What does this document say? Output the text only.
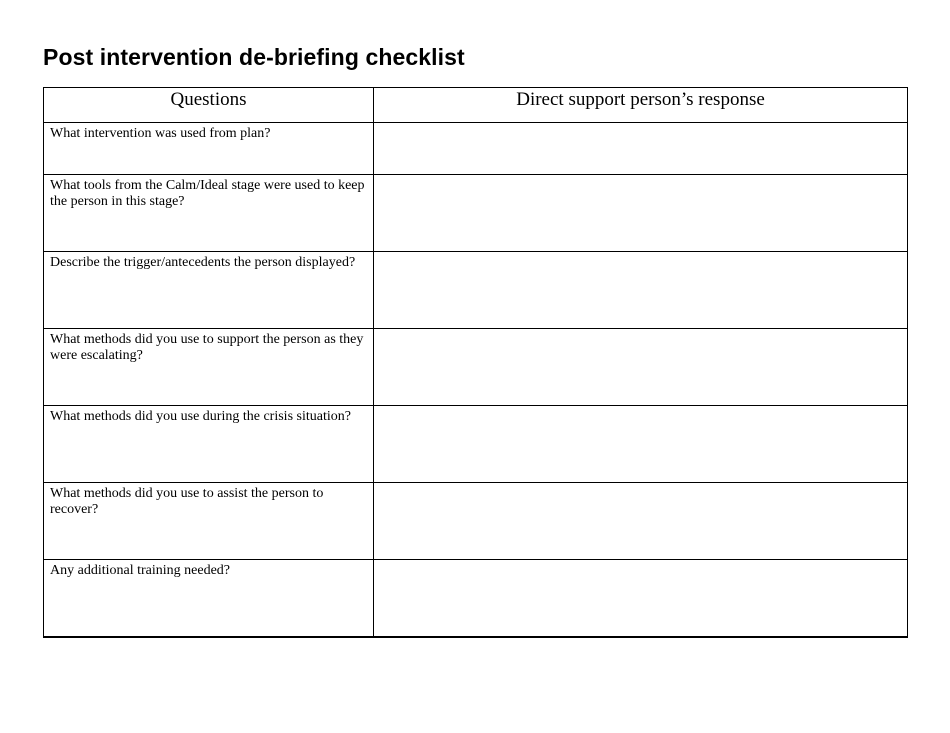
Post intervention de-briefing checklist
Questions	Direct support person’s response
What intervention was used from plan?	
What tools from the Calm/Ideal stage were used to keep the person in this stage?	
Describe the trigger/antecedents the person displayed?	
What methods did you use to support the person as they were escalating?	
What methods did you use during the crisis situation?	
What methods did you use to assist the person to recover?	
Any additional training needed?	
